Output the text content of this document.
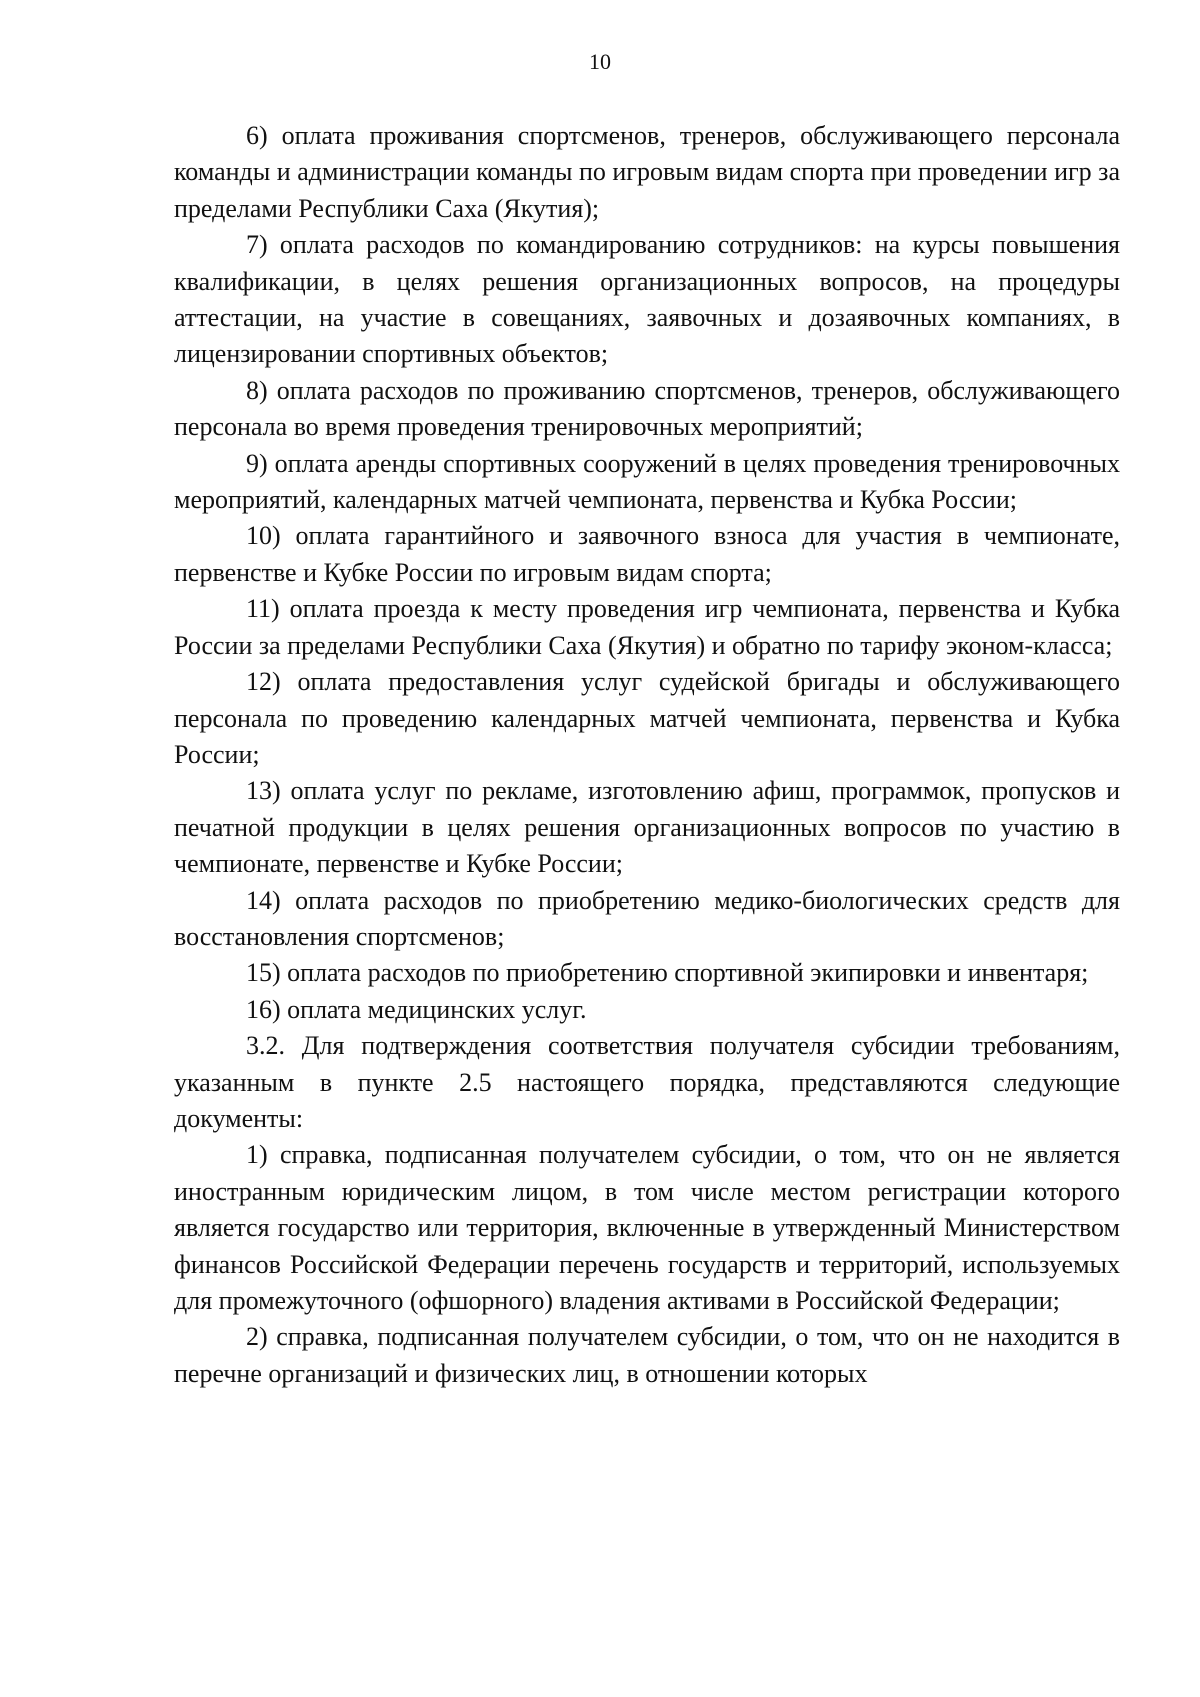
10

6) оплата проживания спортсменов, тренеров, обслуживающего персонала команды и администрации команды по игровым видам спорта при проведении игр за пределами Республики Саха (Якутия);

7) оплата расходов по командированию сотрудников: на курсы повышения квалификации, в целях решения организационных вопросов, на процедуры аттестации, на участие в совещаниях, заявочных и дозаявочных компаниях, в лицензировании спортивных объектов;

8) оплата расходов по проживанию спортсменов, тренеров, обслуживающего персонала во время проведения тренировочных мероприятий;

9) оплата аренды спортивных сооружений в целях проведения тренировочных мероприятий, календарных матчей чемпионата, первенства и Кубка России;

10) оплата гарантийного и заявочного взноса для участия в чемпионате, первенстве и Кубке России по игровым видам спорта;

11) оплата проезда к месту проведения игр чемпионата, первенства и Кубка России за пределами Республики Саха (Якутия) и обратно по тарифу эконом-класса;

12) оплата предоставления услуг судейской бригады и обслуживающего персонала по проведению календарных матчей чемпионата, первенства и Кубка России;

13) оплата услуг по рекламе, изготовлению афиш, программок, пропусков и печатной продукции в целях решения организационных вопросов по участию в чемпионате, первенстве и Кубке России;

14) оплата расходов по приобретению медико-биологических средств для восстановления спортсменов;

15) оплата расходов по приобретению спортивной экипировки и инвентаря;

16) оплата медицинских услуг.

3.2. Для подтверждения соответствия получателя субсидии требованиям, указанным в пункте 2.5 настоящего порядка, представляются следующие документы:

1) справка, подписанная получателем субсидии, о том, что он не является иностранным юридическим лицом, в том числе местом регистрации которого является государство или территория, включенные в утвержденный Министерством финансов Российской Федерации перечень государств и территорий, используемых для промежуточного (офшорного) владения активами в Российской Федерации;

2) справка, подписанная получателем субсидии, о том, что он не находится в перечне организаций и физических лиц, в отношении которых
